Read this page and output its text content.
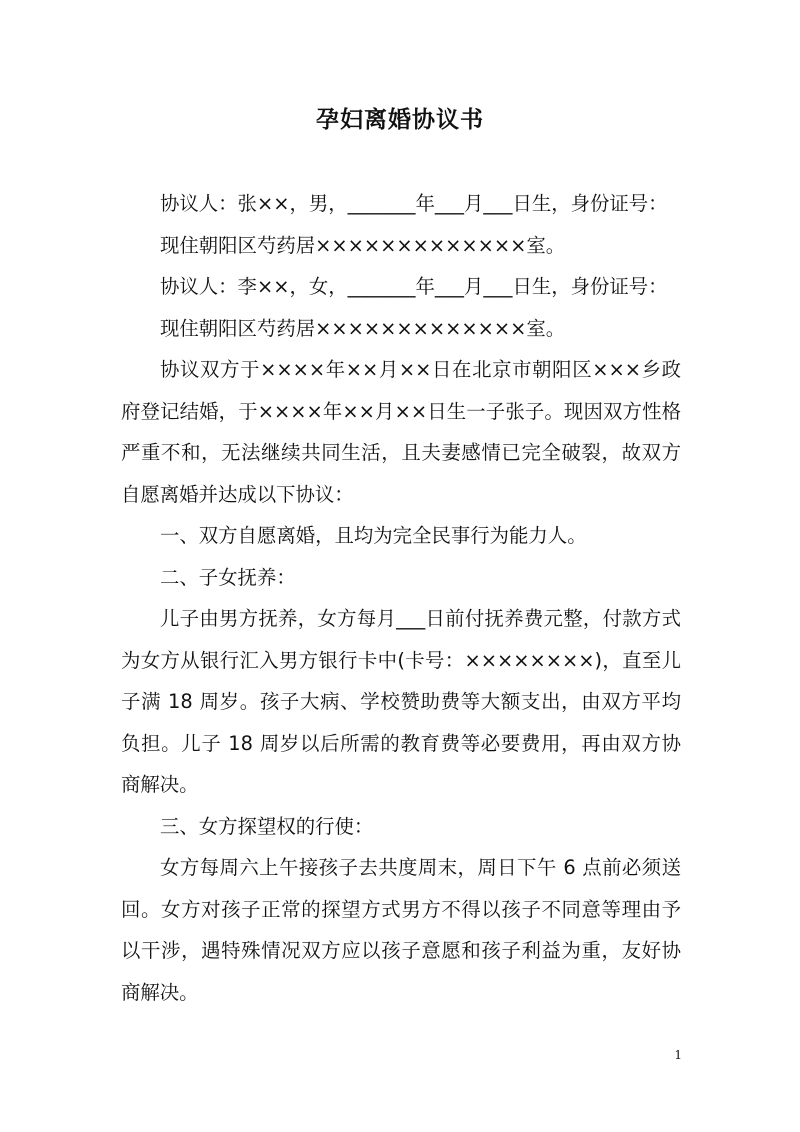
孕妇离婚协议书

协议人：张××，男，_______年___月___日生，身份证号：

现住朝阳区芍药居×××××××××××××室。

协议人：李××，女，_______年___月___日生，身份证号：

现住朝阳区芍药居×××××××××××××室。

协议双方于××××年××月××日在北京市朝阳区×××乡政府登记结婚，于××××年××月××日生一子张子。现因双方性格严重不和，无法继续共同生活，且夫妻感情已完全破裂，故双方自愿离婚并达成以下协议：

一、双方自愿离婚，且均为完全民事行为能力人。

二、子女抚养：

儿子由男方抚养，女方每月___日前付抚养费元整，付款方式为女方从银行汇入男方银行卡中(卡号：××××××××)，直至儿子满 18 周岁。孩子大病、学校赞助费等大额支出，由双方平均负担。儿子 18 周岁以后所需的教育费等必要费用，再由双方协商解决。

三、女方探望权的行使：

女方每周六上午接孩子去共度周末，周日下午 6 点前必须送回。女方对孩子正常的探望方式男方不得以孩子不同意等理由予以干涉，遇特殊情况双方应以孩子意愿和孩子利益为重，友好协商解决。

1
